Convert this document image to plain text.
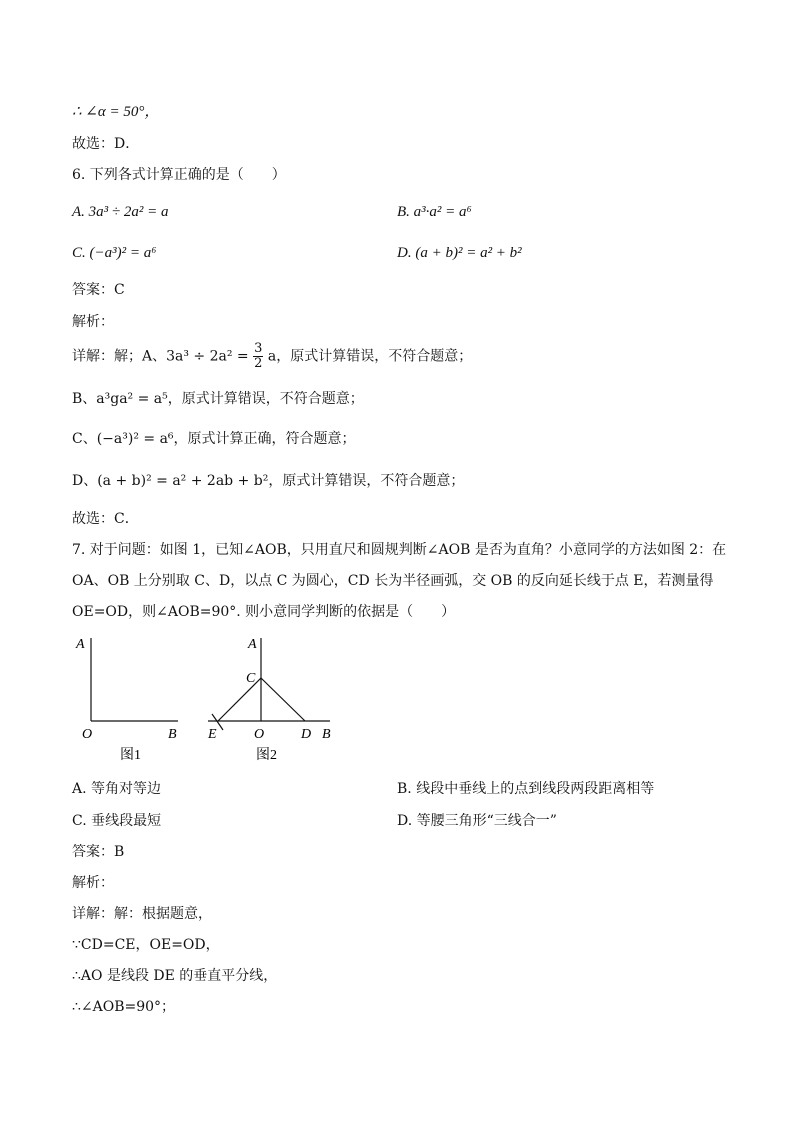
∴ ∠α = 50°，
故选：D．
6. 下列各式计算正确的是（　　）
A. 3a³ ÷ 2a² = a	B. a³·a² = a⁶
C. (−a³)² = a⁶	D. (a + b)² = a² + b²
答案：C
解析：
详解：解；A、$3a^3 \div 2a^2 = \frac{3}{2}$ a，原式计算错误，不符合题意；
B、a³ga² = a⁵，原式计算错误，不符合题意；
C、(−a³)² = a⁶，原式计算正确，符合题意；
D、(a + b)² = a² + 2ab + b²，原式计算错误，不符合题意；
故选：C．
7. 对于问题：如图 1，已知∠AOB，只用直尺和圆规判断∠AOB 是否为直角？小意同学的方法如图 2：在
OA、OB 上分别取 C、D，以点 C 为圆心，CD 长为半径画弧，交 OB 的反向延长线于点 E，若测量得
OE=OD，则∠AOB=90°. 则小意同学判断的依据是（　　）
A
O	B
图1
A
C
E	O	D B
图2
A. 等角对等边	B. 线段中垂线上的点到线段两段距离相等
C. 垂线段最短	D. 等腰三角形“三线合一”
答案：B
解析：
详解：解：根据题意，
∵CD=CE，OE=OD，
∴AO 是线段 DE 的垂直平分线，
∴∠AOB=90°；
